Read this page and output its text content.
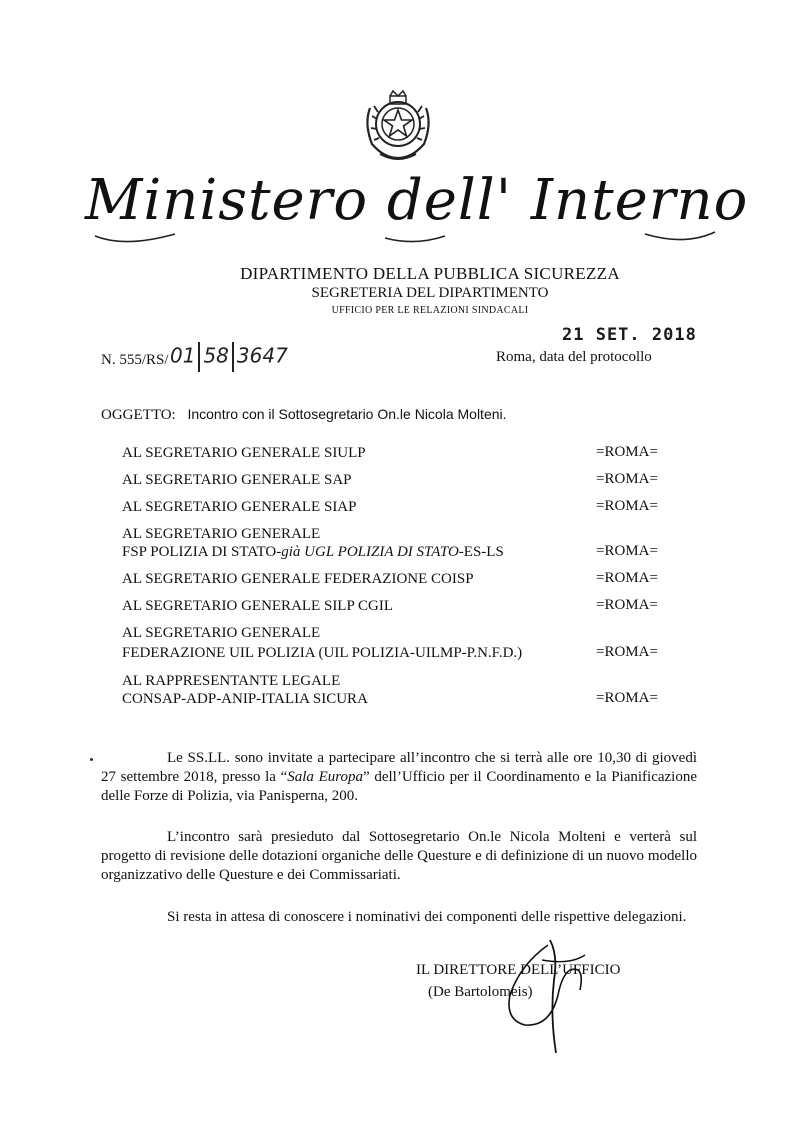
Ministero dell' Interno
DIPARTIMENTO DELLA PUBBLICA SICUREZZA
SEGRETERIA DEL DIPARTIMENTO
UFFICIO PER LE RELAZIONI SINDACALI
21 SET. 2018
N. 555/RS/ 01 58 3647	Roma, data del protocollo
OGGETTO: Incontro con il Sottosegretario On.le Nicola Molteni.
AL SEGRETARIO GENERALE SIULP	=ROMA=
AL SEGRETARIO GENERALE SAP	=ROMA=
AL SEGRETARIO GENERALE SIAP	=ROMA=
AL SEGRETARIO GENERALE
FSP POLIZIA DI STATO-già UGL POLIZIA DI STATO-ES-LS	=ROMA=
AL SEGRETARIO GENERALE FEDERAZIONE COISP	=ROMA=
AL SEGRETARIO GENERALE SILP CGIL	=ROMA=
AL SEGRETARIO GENERALE
FEDERAZIONE UIL POLIZIA (UIL POLIZIA-UILMP-P.N.F.D.)	=ROMA=
AL RAPPRESENTANTE LEGALE
CONSAP-ADP-ANIP-ITALIA SICURA	=ROMA=
Le SS.LL. sono invitate a partecipare all’incontro che si terrà alle ore 10,30 di giovedì 27 settembre 2018, presso la “Sala Europa” dell’Ufficio per il Coordinamento e la Pianificazione delle Forze di Polizia, via Panisperna, 200.
L’incontro sarà presieduto dal Sottosegretario On.le Nicola Molteni e verterà sul progetto di revisione delle dotazioni organiche delle Questure e di definizione di un nuovo modello organizzativo delle Questure e dei Commissariati.
Si resta in attesa di conoscere i nominativi dei componenti delle rispettive delegazioni.
IL DIRETTORE DELL’UFFICIO
(De Bartolomeis)
